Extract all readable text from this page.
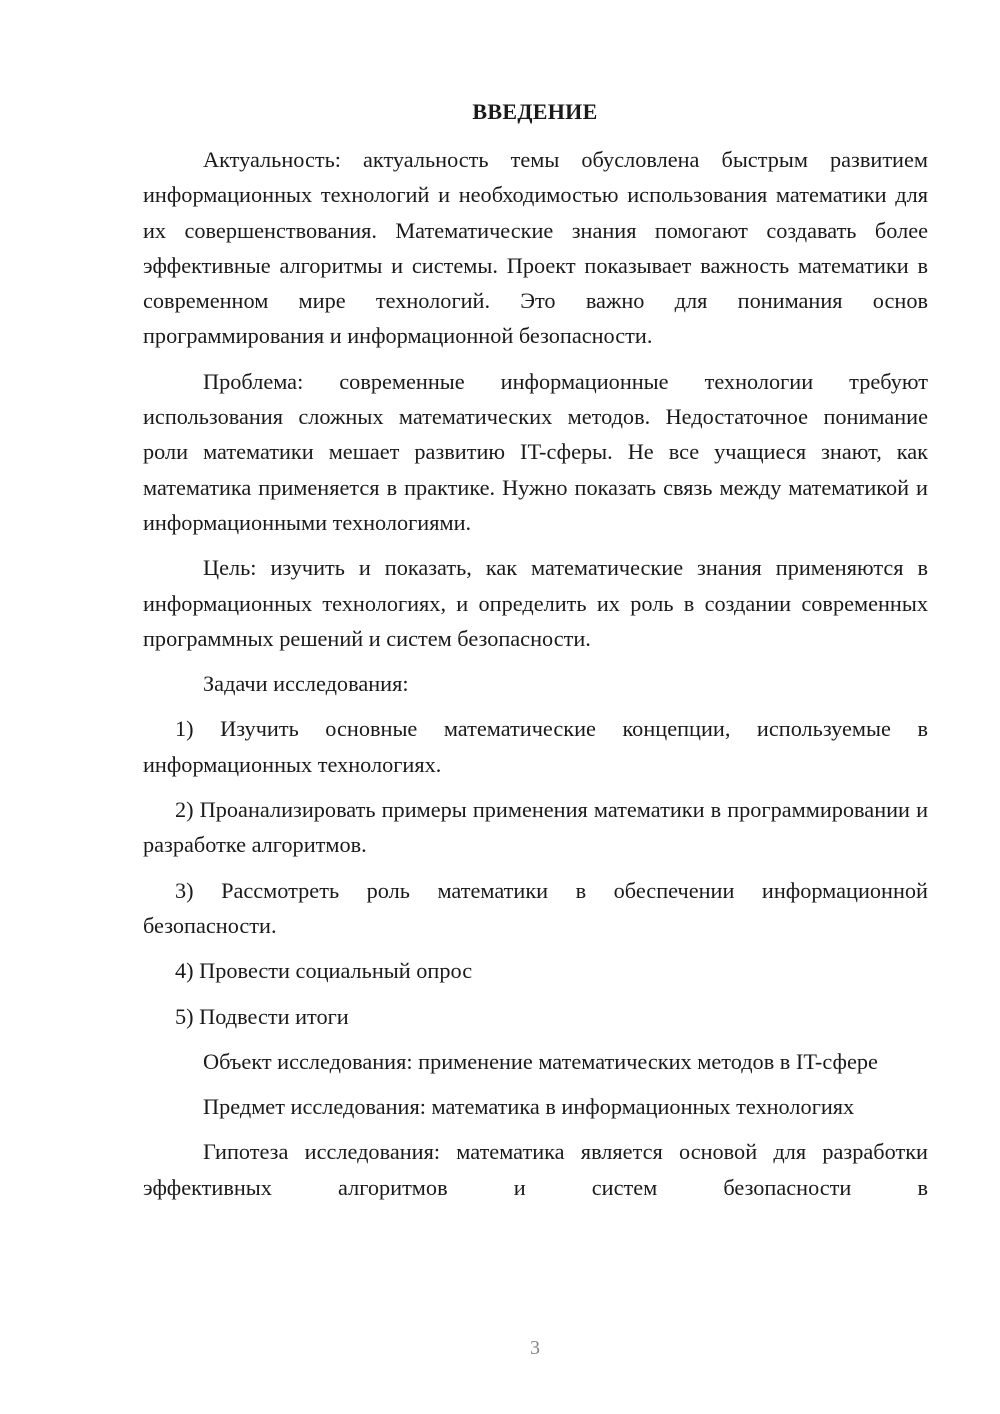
ВВЕДЕНИЕ

Актуальность: актуальность темы обусловлена быстрым развитием информационных технологий и необходимостью использования математики для их совершенствования. Математические знания помогают создавать более эффективные алгоритмы и системы. Проект показывает важность математики в современном мире технологий. Это важно для понимания основ программирования и информационной безопасности.

Проблема: современные информационные технологии требуют использования сложных математических методов. Недостаточное понимание роли математики мешает развитию IT-сферы. Не все учащиеся знают, как математика применяется в практике. Нужно показать связь между математикой и информационными технологиями.

Цель: изучить и показать, как математические знания применяются в информационных технологиях, и определить их роль в создании современных программных решений и систем безопасности.

Задачи исследования:

1) Изучить основные математические концепции, используемые в информационных технологиях.

2) Проанализировать примеры применения математики в программировании и разработке алгоритмов.

3) Рассмотреть роль математики в обеспечении информационной безопасности.

4) Провести социальный опрос

5) Подвести итоги

Объект исследования: применение математических методов в IT-сфере

Предмет исследования: математика в информационных технологиях

Гипотеза исследования: математика является основой для разработки эффективных алгоритмов и систем безопасности в

3
